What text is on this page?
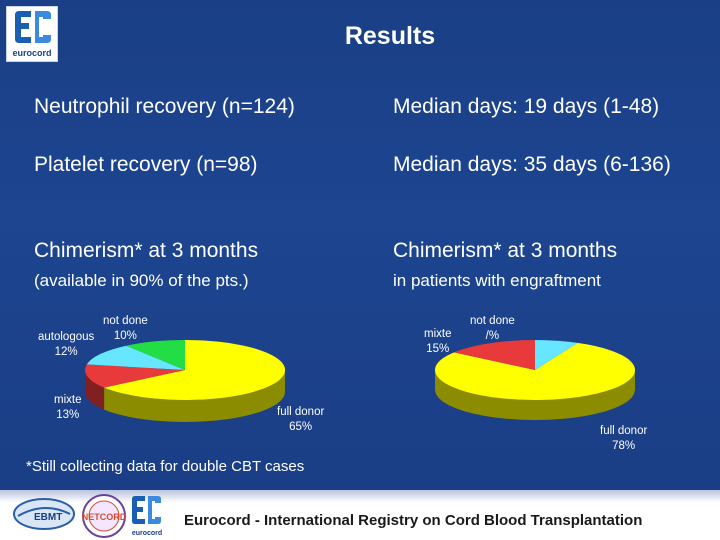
eurocord
Results
Neutrophil recovery (n=124)	Median days: 19 days (1-48)
Platelet recovery (n=98)	Median days: 35 days (6-136)
Chimerism* at 3 months
(available in 90% of the pts.)
Chimerism* at 3 months
in patients with engraftment
not done
10%
autologous
12%
mixte
13%	full donor
65%
not done
/%
mixte
15%
full donor
78%
*Still collecting data for double CBT cases
EBMT NETCORD
eurocord
Eurocord - International Registry on Cord Blood Transplantation
